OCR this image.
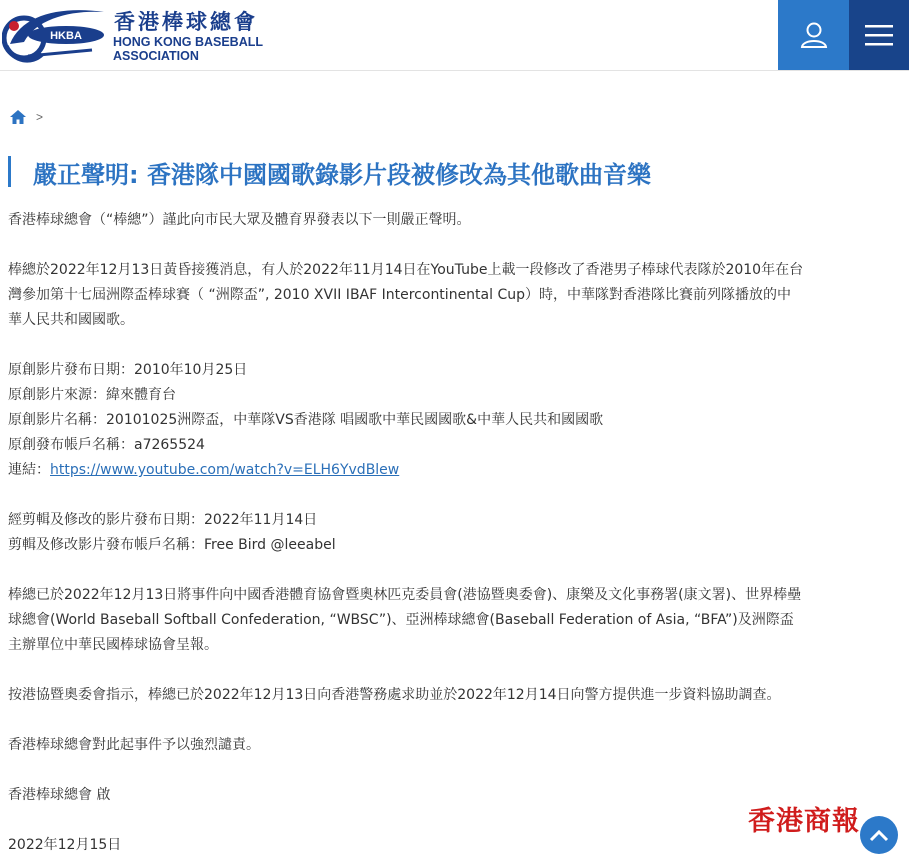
HKBA
香港棒球總會
HONG KONG BASEBALL
ASSOCIATION
>
嚴正聲明: 香港隊中國國歌錄影片段被修改為其他歌曲音樂

香港棒球總會（“棒總”）謹此向市民大眾及體育界發表以下一則嚴正聲明。

棒總於2022年12月13日黃昏接獲消息，有人於2022年11月14日在YouTube上載一段修改了香港男子棒球代表隊於2010年在台

灣參加第十七屆洲際盃棒球賽（ “洲際盃”, 2010 XVII IBAF Intercontinental Cup）時，中華隊對香港隊比賽前列隊播放的中

華人民共和國國歌。

原創影片發布日期：2010年10月25日

原創影片來源：緯來體育台

原創影片名稱：20101025洲際盃，中華隊VS香港隊 唱國歌中華民國國歌&中華人民共和國國歌

原創發布帳戶名稱：a7265524

連結：https://www.youtube.com/watch?v=ELH6YvdBlew

經剪輯及修改的影片發布日期：2022年11月14日

剪輯及修改影片發布帳戶名稱：Free Bird @leeabel

棒總已於2022年12月13日將事件向中國香港體育協會暨奧林匹克委員會(港協暨奧委會)、康樂及文化事務署(康文署)、世界棒壘

球總會(World Baseball Softball Confederation, “WBSC”)、亞洲棒球總會(Baseball Federation of Asia, “BFA”)及洲際盃

主辦單位中華民國棒球協會呈報。

按港協暨奧委會指示，棒總已於2022年12月13日向香港警務處求助並於2022年12月14日向警方提供進一步資料協助調查。

香港棒球總會對此起事件予以強烈譴責。

香港棒球總會 啟

2022年12月15日

香港商報
